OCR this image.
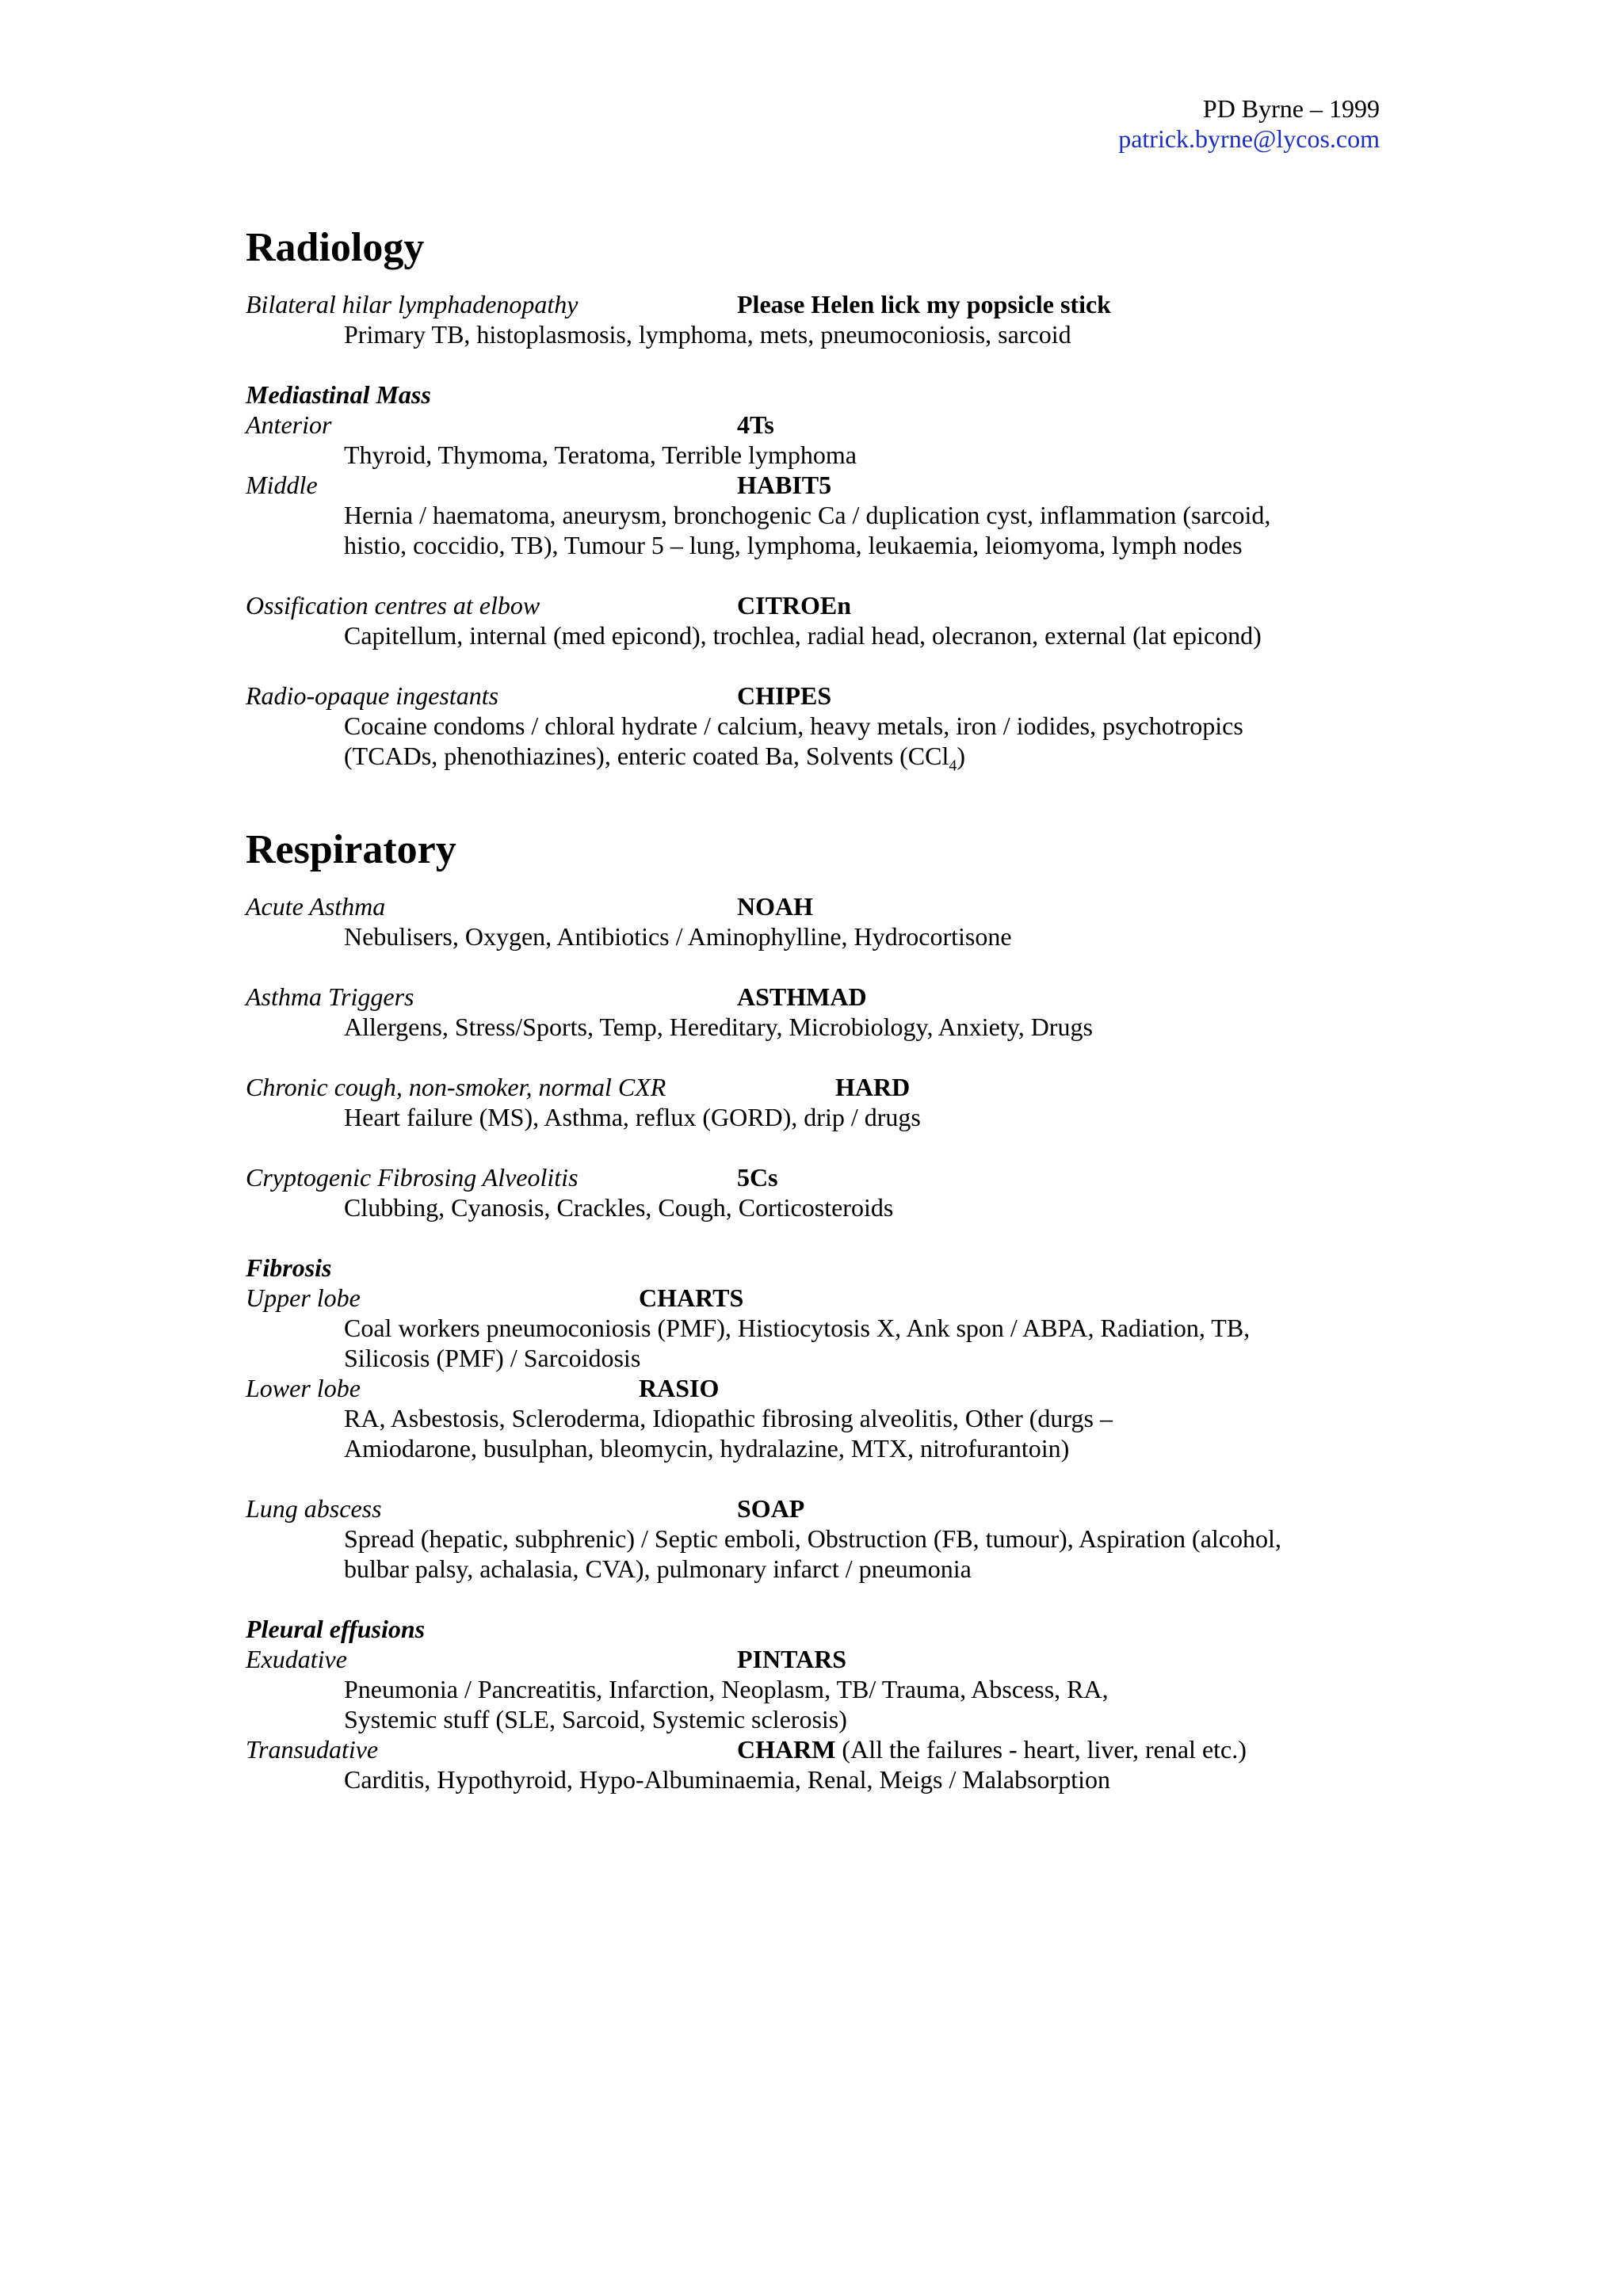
PD Byrne – 1999
patrick.byrne@lycos.com
Radiology
Bilateral hilar lymphadenopathy	Please Helen lick my popsicle stick
Primary TB, histoplasmosis, lymphoma, mets, pneumoconiosis, sarcoid
Mediastinal Mass
Anterior	4Ts
Thyroid, Thymoma, Teratoma, Terrible lymphoma
Middle	HABIT5
Hernia / haematoma, aneurysm, bronchogenic Ca / duplication cyst, inflammation (sarcoid,
histio, coccidio, TB), Tumour 5 – lung, lymphoma, leukaemia, leiomyoma, lymph nodes
Ossification centres at elbow	CITROEn
Capitellum, internal (med epicond), trochlea, radial head, olecranon, external (lat epicond)
Radio-opaque ingestants	CHIPES
Cocaine condoms / chloral hydrate / calcium, heavy metals, iron / iodides, psychotropics
(TCADs, phenothiazines), enteric coated Ba, Solvents (CCl$_4$)
Respiratory
Acute Asthma	NOAH
Nebulisers, Oxygen, Antibiotics / Aminophylline, Hydrocortisone
Asthma Triggers	ASTHMAD
Allergens, Stress/Sports, Temp, Hereditary, Microbiology, Anxiety, Drugs
Chronic cough, non-smoker, normal CXR	HARD
Heart failure (MS), Asthma, reflux (GORD), drip / drugs
Cryptogenic Fibrosing Alveolitis	5Cs
Clubbing, Cyanosis, Crackles, Cough, Corticosteroids
Fibrosis
Upper lobe	CHARTS
Coal workers pneumoconiosis (PMF), Histiocytosis X, Ank spon / ABPA, Radiation, TB,
Silicosis (PMF) / Sarcoidosis
Lower lobe	RASIO
RA, Asbestosis, Scleroderma, Idiopathic fibrosing alveolitis, Other (durgs –
Amiodarone, busulphan, bleomycin, hydralazine, MTX, nitrofurantoin)
Lung abscess	SOAP
Spread (hepatic, subphrenic) / Septic emboli, Obstruction (FB, tumour), Aspiration (alcohol,
bulbar palsy, achalasia, CVA), pulmonary infarct / pneumonia
Pleural effusions
Exudative	PINTARS
Pneumonia / Pancreatitis, Infarction, Neoplasm, TB/ Trauma, Abscess, RA,
Systemic stuff (SLE, Sarcoid, Systemic sclerosis)
Transudative	CHARM (All the failures - heart, liver, renal etc.)
Carditis, Hypothyroid, Hypo-Albuminaemia, Renal, Meigs / Malabsorption
